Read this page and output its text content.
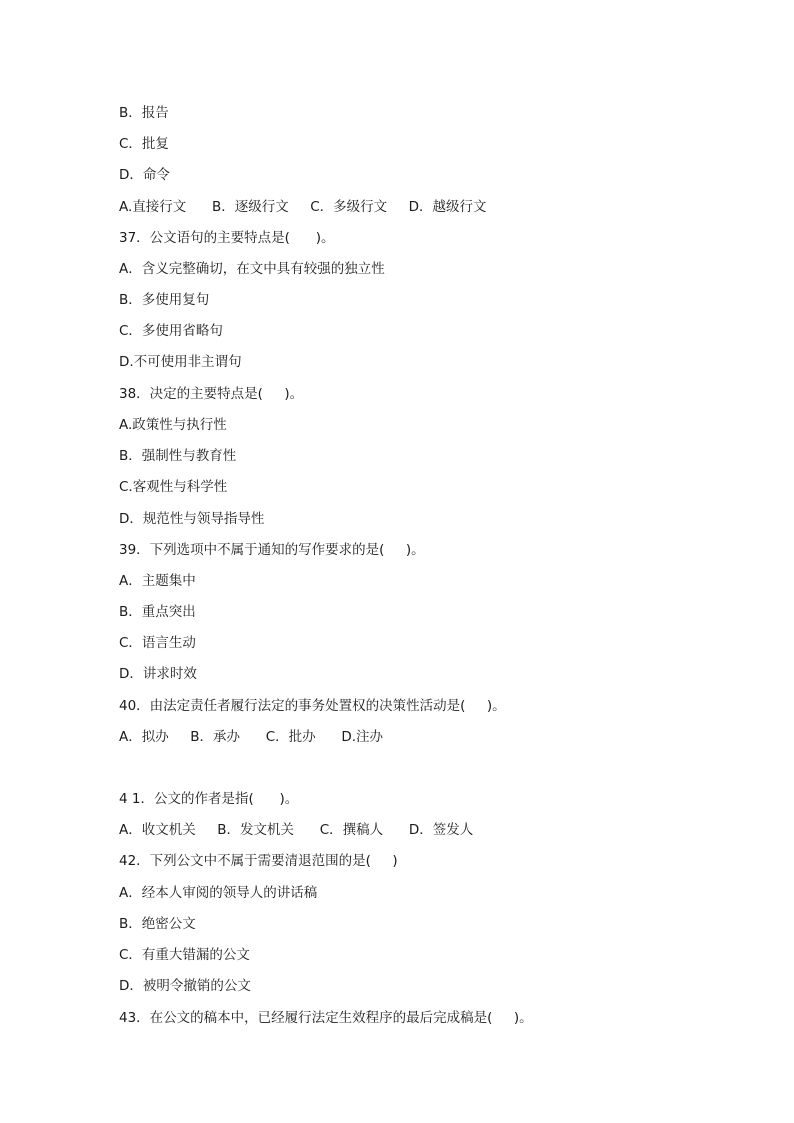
B．报告
C．批复
D．命令
A.直接行文      B．逐级行文     C．多级行文     D．越级行文
37．公文语句的主要特点是(      )。
A．含义完整确切，在文中具有较强的独立性
B．多使用复句
C．多使用省略句
D.不可使用非主谓句
38．决定的主要特点是(     )。
A.政策性与执行性
B．强制性与教育性
C.客观性与科学性
D．规范性与领导指导性
39．下列选项中不属于通知的写作要求的是(     )。
A．主题集中
B．重点突出
C．语言生动
D．讲求时效
40．由法定责任者履行法定的事务处置权的决策性活动是(     )。
A．拟办     B．承办      C．批办      D.注办
4 1．公文的作者是指(      )。
A．收文机关     B．发文机关      C．撰稿人      D．签发人
42．下列公文中不属于需要清退范围的是(     )
A．经本人审阅的领导人的讲话稿
B．绝密公文
C．有重大错漏的公文
D．被明令撤销的公文
43．在公文的稿本中，已经履行法定生效程序的最后完成稿是(     )。
